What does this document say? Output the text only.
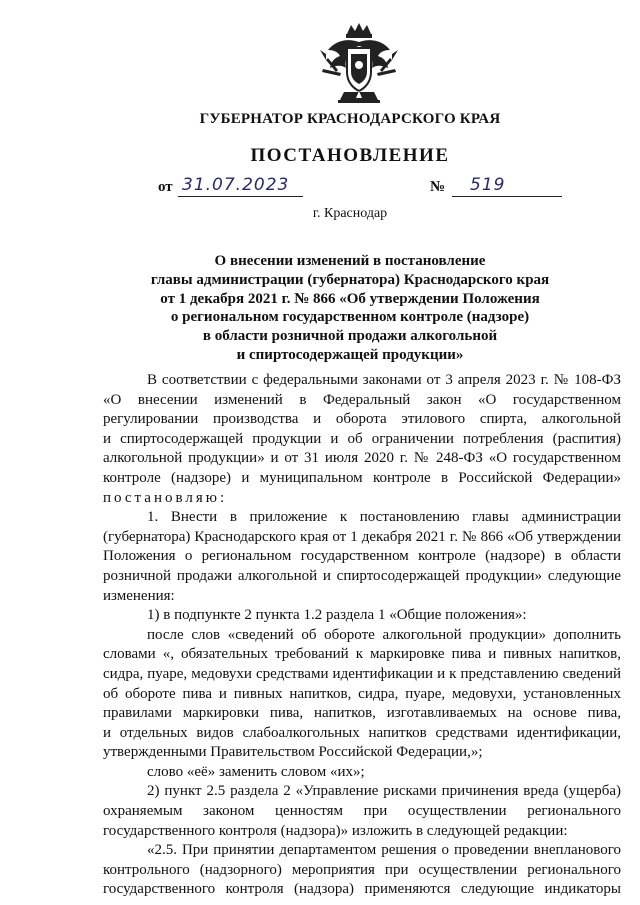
ГУБЕРНАТОР КРАСНОДАРСКОГО КРАЯ
ПОСТАНОВЛЕНИЕ
от 31.07.2023	№ 519
г. Краснодар
О внесении изменений в постановление
главы администрации (губернатора) Краснодарского края
от 1 декабря 2021 г. № 866 «Об утверждении Положения
о региональном государственном контроле (надзоре)
в области розничной продажи алкогольной
и спиртосодержащей продукции»
В соответствии с федеральными законами от 3 апреля 2023 г. № 108-ФЗ
«О внесении изменений в Федеральный закон «О государственном
регулировании производства и оборота этилового спирта, алкогольной
и спиртосодержащей продукции и об ограничении потребления (распития)
алкогольной продукции» и от 31 июля 2020 г. № 248-ФЗ «О государственном
контроле (надзоре) и муниципальном контроле в Российской Федерации»
постановляю:
1. Внести в приложение к постановлению главы администрации
(губернатора) Краснодарского края от 1 декабря 2021 г. № 866 «Об утверждении
Положения о региональном государственном контроле (надзоре) в области
розничной продажи алкогольной и спиртосодержащей продукции» следующие
изменения:
1) в подпункте 2 пункта 1.2 раздела 1 «Общие положения»:
после слов «сведений об обороте алкогольной продукции» дополнить
словами «, обязательных требований к маркировке пива и пивных напитков,
сидра, пуаре, медовухи средствами идентификации и к представлению сведений
об обороте пива и пивных напитков, сидра, пуаре, медовухи, установленных
правилами маркировки пива, напитков, изготавливаемых на основе пива,
и отдельных видов слабоалкогольных напитков средствами идентификации,
утвержденными Правительством Российской Федерации,»;
слово «её» заменить словом «их»;
2) пункт 2.5 раздела 2 «Управление рисками причинения вреда (ущерба)
охраняемым законом ценностям при осуществлении регионального
государственного контроля (надзора)» изложить в следующей редакции:
«2.5. При принятии департаментом решения о проведении внепланового
контрольного (надзорного) мероприятия при осуществлении регионального
государственного контроля (надзора) применяются следующие индикаторы
